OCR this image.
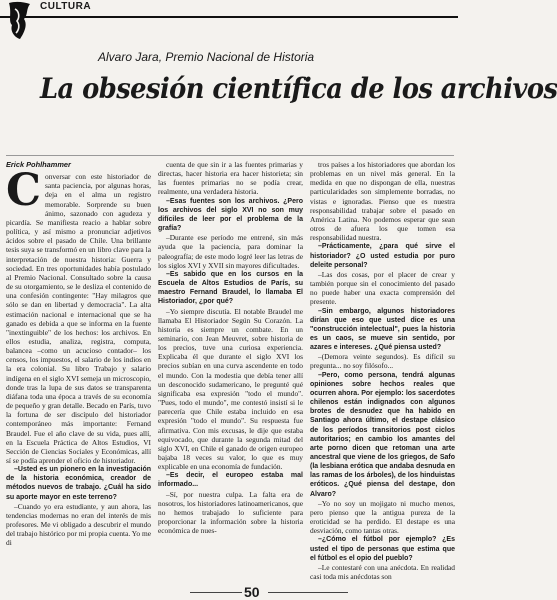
CULTURA
Alvaro Jara, Premio Nacional de Historia
La obsesión científica de los archivos
Erick Pohlhammer
C onversar con este historiador de santa paciencia, por algunas horas, deja en el alma un registro memorable. Sorprende su buen ánimo, sazonado con agudeza y picardía. Se manifiesta reacio a hablar sobre política, y así mismo a pronunciar adjetivos ácidos sobre el pasado de Chile. Una brillante tesis suya se transformó en un libro clave para la interpretación de nuestra historia: Guerra y sociedad. En tres oportunidades había postulado al Premio Nacional. Consultado sobre la causa de su otorgamiento, se le desliza el contenido de una confesión contingente: "Hay milagros que sólo se dan en libertad y democracia". La alta estimación nacional e internacional que se ha ganado es debida a que se informa en la fuente "inextinguible" de los hechos: los archivos. En ellos estudia, analiza, registra, computa, balancea –como un acucioso contador– los censos, los impuestos, el salario de los indios en la era colonial. Su libro Trabajo y salario indígena en el siglo XVI semeja un microscopio, donde tras la lupa de sus datos se transparenta diáfana toda una época a través de su economía de pequeño y gran detalle. Becado en París, tuvo la fortuna de ser discípulo del historiador contemporáneo más importante: Fernand Braudel. Fue el año clave de su vida, pues allí, en la Escuela Práctica de Altos Estudios, VI Sección de Ciencias Sociales y Económicas, allí sí se podía aprender el oficio de historiador.

–Usted es un pionero en la investigación de la historia económica, creador de métodos nuevos de trabajo. ¿Cuál ha sido su aporte mayor en este terreno?

–Cuando yo era estudiante, y aun ahora, las tendencias modernas no eran del interés de mis profesores. Me vi obligado a descubrir el mundo del trabajo histórico por mi propia cuenta. Yo me di

cuenta de que sin ir a las fuentes primarias y directas, hacer historia era hacer historieta; sin las fuentes primarias no se podía crear, realmente, una verdadera historia.

–Esas fuentes son los archivos. ¿Pero los archivos del siglo XVI no son muy difíciles de leer por el problema de la grafía?

–Durante ese período me entrené, sin más ayuda que la paciencia, para dominar la paleografía; de este modo logré leer las letras de los siglos XVI y XVII sin mayores dificultades.

–Es sabido que en los cursos en la Escuela de Altos Estudios de París, su maestro Fernand Braudel, lo llamaba El Historiador, ¿por qué?

–Yo siempre discutía. El notable Braudel me llamaba El Historiador Según Su Corazón. La historia es siempre un combate. En un seminario, con Jean Meuvret, sobre historia de los precios, tuve una curiosa experiencia. Explicaba él que durante el siglo XVI los precios subían en una curva ascendente en todo el mundo. Con la modestia que debía tener allí un desconocido sudamericano, le pregunté qué significaba esa expresión "todo el mundo". "Pues, todo el mundo", me contestó insistí si le parecería que Chile estaba incluido en esa expresión "todo el mundo". Su respuesta fue afirmativa. Con mis excusas, le dije que estaba equivocado, que durante la segunda mitad del siglo XVI, en Chile el ganado de origen europeo bajaba 18 veces su valor, lo que es muy explicable en una economía de fundación.

–Es decir, el europeo estaba mal informado...

–Sí, por nuestra culpa. La falta era de nosotros, los historiadores latinoamericanos, que no hemos trabajado lo suficiente para proporcionar la información sobre la historia económica de nues-

tros países a los historiadores que abordan los problemas en un nivel más general. En la medida en que no dispongan de ella, nuestras particularidades son simplemente borradas, no vistas e ignoradas. Pienso que es nuestra responsabilidad trabajar sobre el pasado en América Latina. No podemos esperar que sean otros de afuera los que tomen esa responsabilidad nuestra.

–Prácticamente, ¿para qué sirve el historiador? ¿O usted estudia por puro deleite personal?

–Las dos cosas, por el placer de crear y también porque sin el conocimiento del pasado no puede haber una exacta comprensión del presente.

–Sin embargo, algunos historiadores dirían que eso que usted dice es una "construcción intelectual", pues la historia es un caos, se mueve sin sentido, por azares e intereses. ¿Qué piensa usted?

–(Demora veinte segundos). Es difícil su pregunta... no soy filósofo...

–Pero, como persona, tendrá algunas opiniones sobre hechos reales que ocurren ahora. Por ejemplo: los sacerdotes chilenos están indignados con algunos brotes de desnudez que ha habido en Santiago ahora último, el destape clásico de los períodos transitorios post ciclos autoritarios; en cambio los amantes del arte porno dicen que retoman una arte ancestral que viene de los griegos, de Safo (la lesbiana erótica que andaba desnuda en las ramas de los árboles), de los hinduistas eróticos. ¿Qué piensa del destape, don Alvaro?

–Yo no soy un mojigato ni mucho menos, pero pienso que la antigua pureza de la eroticidad se ha perdido. El destape es una desviación, como tantas otras.

–¿Cómo el fútbol por ejemplo? ¿Es usted el tipo de personas que estima que el fútbol es el opio del pueblo?

–Le contestaré con una anécdota. En realidad casi toda mis anécdotas son

50
